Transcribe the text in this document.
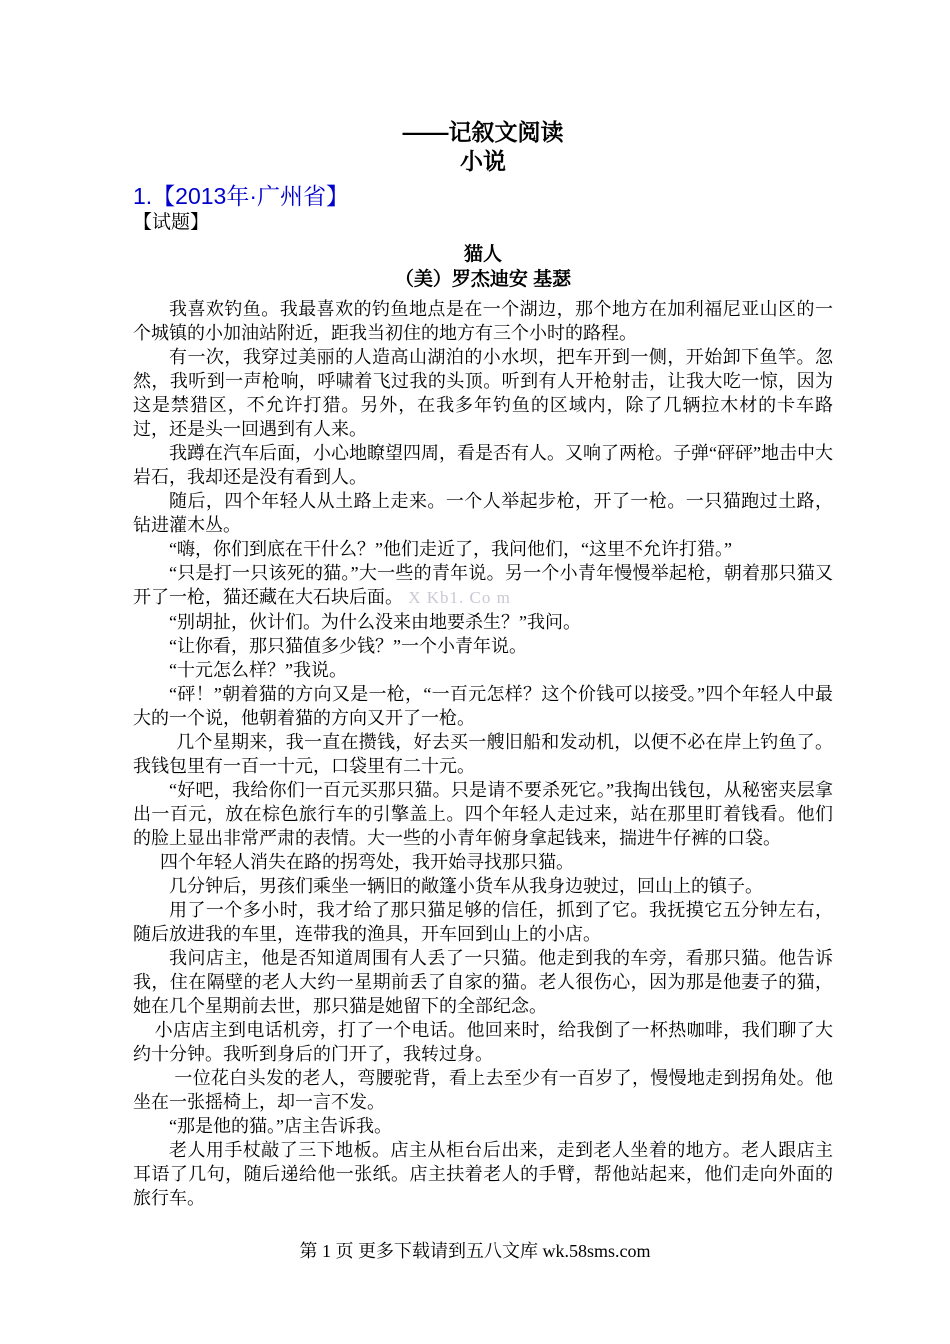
——记叙文阅读
小说
1.【2013年·广州省】
【试题】
猫人
（美）罗杰迪安 基瑟

我喜欢钓鱼。我最喜欢的钓鱼地点是在一个湖边，那个地方在加利福尼亚山区的一个城镇的小加油站附近，距我当初住的地方有三个小时的路程。

有一次，我穿过美丽的人造高山湖泊的小水坝，把车开到一侧，开始卸下鱼竿。忽然，我听到一声枪响，呼啸着飞过我的头顶。听到有人开枪射击，让我大吃一惊，因为这是禁猎区，不允许打猎。另外，在我多年钓鱼的区域内，除了几辆拉木材的卡车路过，还是头一回遇到有人来。

我蹲在汽车后面，小心地瞭望四周，看是否有人。又响了两枪。子弹“砰砰”地击中大岩石，我却还是没有看到人。

随后，四个年轻人从土路上走来。一个人举起步枪，开了一枪。一只猫跑过土路，钻进灌木丛。

“嗨，你们到底在干什么？”他们走近了，我问他们，“这里不允许打猎。”

“只是打一只该死的猫。”大一些的青年说。另一个小青年慢慢举起枪，朝着那只猫又开了一枪，猫还藏在大石块后面。 X Kb1. Co m

“别胡扯，伙计们。为什么没来由地要杀生？”我问。

“让你看，那只猫值多少钱？”一个小青年说。

“十元怎么样？”我说。

“砰！”朝着猫的方向又是一枪，“一百元怎样？这个价钱可以接受。”四个年轻人中最大的一个说，他朝着猫的方向又开了一枪。

几个星期来，我一直在攒钱，好去买一艘旧船和发动机，以便不必在岸上钓鱼了。我钱包里有一百一十元，口袋里有二十元。

“好吧，我给你们一百元买那只猫。只是请不要杀死它。”我掏出钱包，从秘密夹层拿出一百元，放在棕色旅行车的引擎盖上。四个年轻人走过来，站在那里盯着钱看。他们的脸上显出非常严肃的表情。大一些的小青年俯身拿起钱来，揣进牛仔裤的口袋。

四个年轻人消失在路的拐弯处，我开始寻找那只猫。

几分钟后，男孩们乘坐一辆旧的敞篷小货车从我身边驶过，回山上的镇子。

用了一个多小时，我才给了那只猫足够的信任，抓到了它。我抚摸它五分钟左右，随后放进我的车里，连带我的渔具，开车回到山上的小店。

我问店主，他是否知道周围有人丢了一只猫。他走到我的车旁，看那只猫。他告诉我，住在隔壁的老人大约一星期前丢了自家的猫。老人很伤心，因为那是他妻子的猫，她在几个星期前去世，那只猫是她留下的全部纪念。

小店店主到电话机旁，打了一个电话。他回来时，给我倒了一杯热咖啡，我们聊了大约十分钟。我听到身后的门开了，我转过身。

一位花白头发的老人，弯腰驼背，看上去至少有一百岁了，慢慢地走到拐角处。他坐在一张摇椅上，却一言不发。

“那是他的猫。”店主告诉我。

老人用手杖敲了三下地板。店主从柜台后出来，走到老人坐着的地方。老人跟店主耳语了几句，随后递给他一张纸。店主扶着老人的手臂，帮他站起来，他们走向外面的旅行车。

第 1 页 更多下载请到五八文库 wk.58sms.com
